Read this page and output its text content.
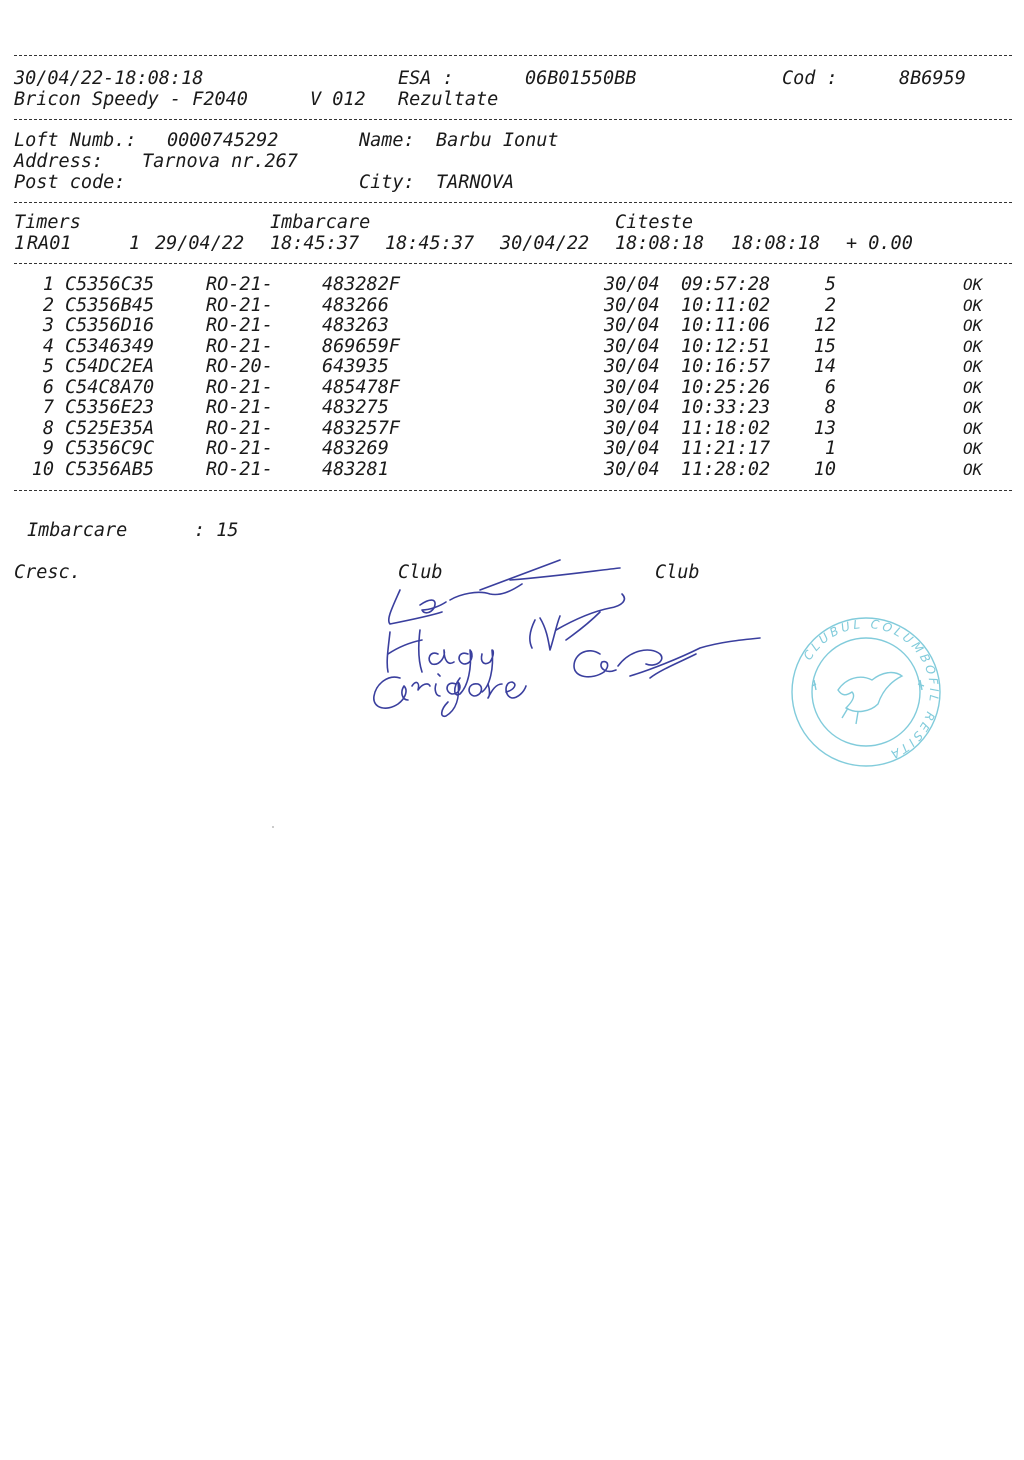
30/04/22-18:08:18	ESA :	06B01550BB	Cod :	8B6959
Bricon Speedy - F2040	V 012 Rezultate
Loft Numb.: 0000745292	Name: Barbu Ionut
Address: Tarnova nr.267
Post code:	City: TARNOVA
Timers	Imbarcare	Citeste
1 RA01	1 29/04/22 18:45:37 18:45:37 30/04/22 18:08:18 18:08:18 + 0.00
1 C5356C35	RO-21-	483282F	30/04 09:57:28	5	OK
2 C5356B45	RO-21-	483266	30/04 10:11:02	2	OK
3 C5356D16	RO-21-	483263	30/04 10:11:06	12	OK
4 C5346349	RO-21-	869659F	30/04 10:12:51	15	OK
5 C54DC2EA	RO-20-	643935	30/04 10:16:57	14	OK
6 C54C8A70	RO-21-	485478F	30/04 10:25:26	6	OK
7 C5356E23	RO-21-	483275	30/04 10:33:23	8	OK
8 C525E35A	RO-21-	483257F	30/04 11:18:02	13	OK
9 C5356C9C	RO-21-	483269	30/04 11:21:17	1	OK
10 C5356AB5	RO-21-	483281	30/04 11:28:02	10	OK
Imbarcare	: 15
Cresc.	Club	Club
CLUBUL COLUMBOFIL RESITA
